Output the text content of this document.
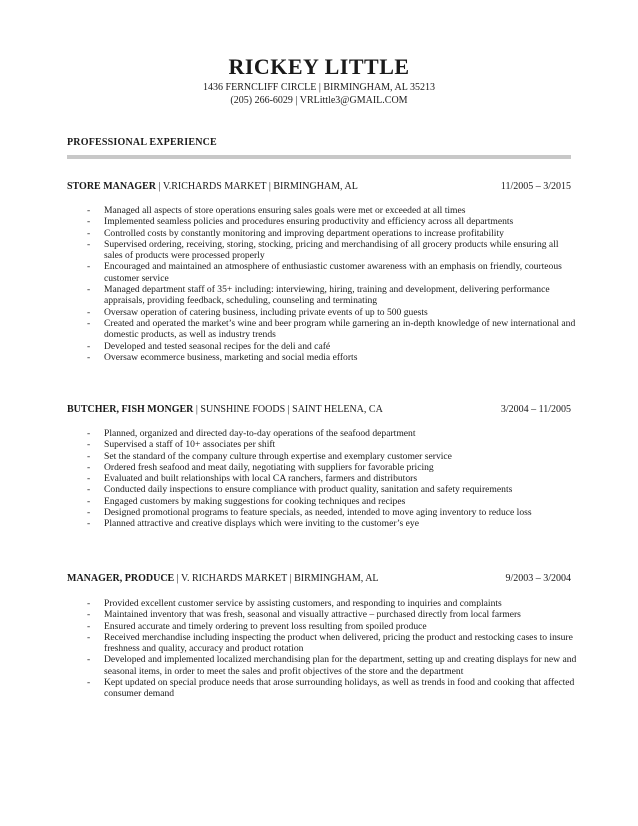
RICKEY LITTLE
1436 FERNCLIFF CIRCLE | BIRMINGHAM, AL 35213
(205) 266-6029 | VRLittle3@GMAIL.COM
PROFESSIONAL EXPERIENCE
STORE MANAGER | V.RICHARDS MARKET | BIRMINGHAM, AL	11/2005 – 3/2015
- Managed all aspects of store operations ensuring sales goals were met or exceeded at all times
- Implemented seamless policies and procedures ensuring productivity and efficiency across all departments
- Controlled costs by constantly monitoring and improving department operations to increase profitability
- Supervised ordering, receiving, storing, stocking, pricing and merchandising of all grocery products while ensuring all sales of products were processed properly
- Encouraged and maintained an atmosphere of enthusiastic customer awareness with an emphasis on friendly, courteous customer service
- Managed department staff of 35+ including: interviewing, hiring, training and development, delivering performance appraisals, providing feedback, scheduling, counseling and terminating
- Oversaw operation of catering business, including private events of up to 500 guests
- Created and operated the market’s wine and beer program while garnering an in-depth knowledge of new international and domestic products, as well as industry trends
- Developed and tested seasonal recipes for the deli and café
- Oversaw ecommerce business, marketing and social media efforts
BUTCHER, FISH MONGER | SUNSHINE FOODS | SAINT HELENA, CA	3/2004 – 11/2005
- Planned, organized and directed day-to-day operations of the seafood department
- Supervised a staff of 10+ associates per shift
- Set the standard of the company culture through expertise and exemplary customer service
- Ordered fresh seafood and meat daily, negotiating with suppliers for favorable pricing
- Evaluated and built relationships with local CA ranchers, farmers and distributors
- Conducted daily inspections to ensure compliance with product quality, sanitation and safety requirements
- Engaged customers by making suggestions for cooking techniques and recipes
- Designed promotional programs to feature specials, as needed, intended to move aging inventory to reduce loss
- Planned attractive and creative displays which were inviting to the customer’s eye
MANAGER, PRODUCE | V. RICHARDS MARKET | BIRMINGHAM, AL	9/2003 – 3/2004
- Provided excellent customer service by assisting customers, and responding to inquiries and complaints
- Maintained inventory that was fresh, seasonal and visually attractive – purchased directly from local farmers
- Ensured accurate and timely ordering to prevent loss resulting from spoiled produce
- Received merchandise including inspecting the product when delivered, pricing the product and restocking cases to insure freshness and quality, accuracy and product rotation
- Developed and implemented localized merchandising plan for the department, setting up and creating displays for new and seasonal items, in order to meet the sales and profit objectives of the store and the department
- Kept updated on special produce needs that arose surrounding holidays, as well as trends in food and cooking that affected consumer demand
